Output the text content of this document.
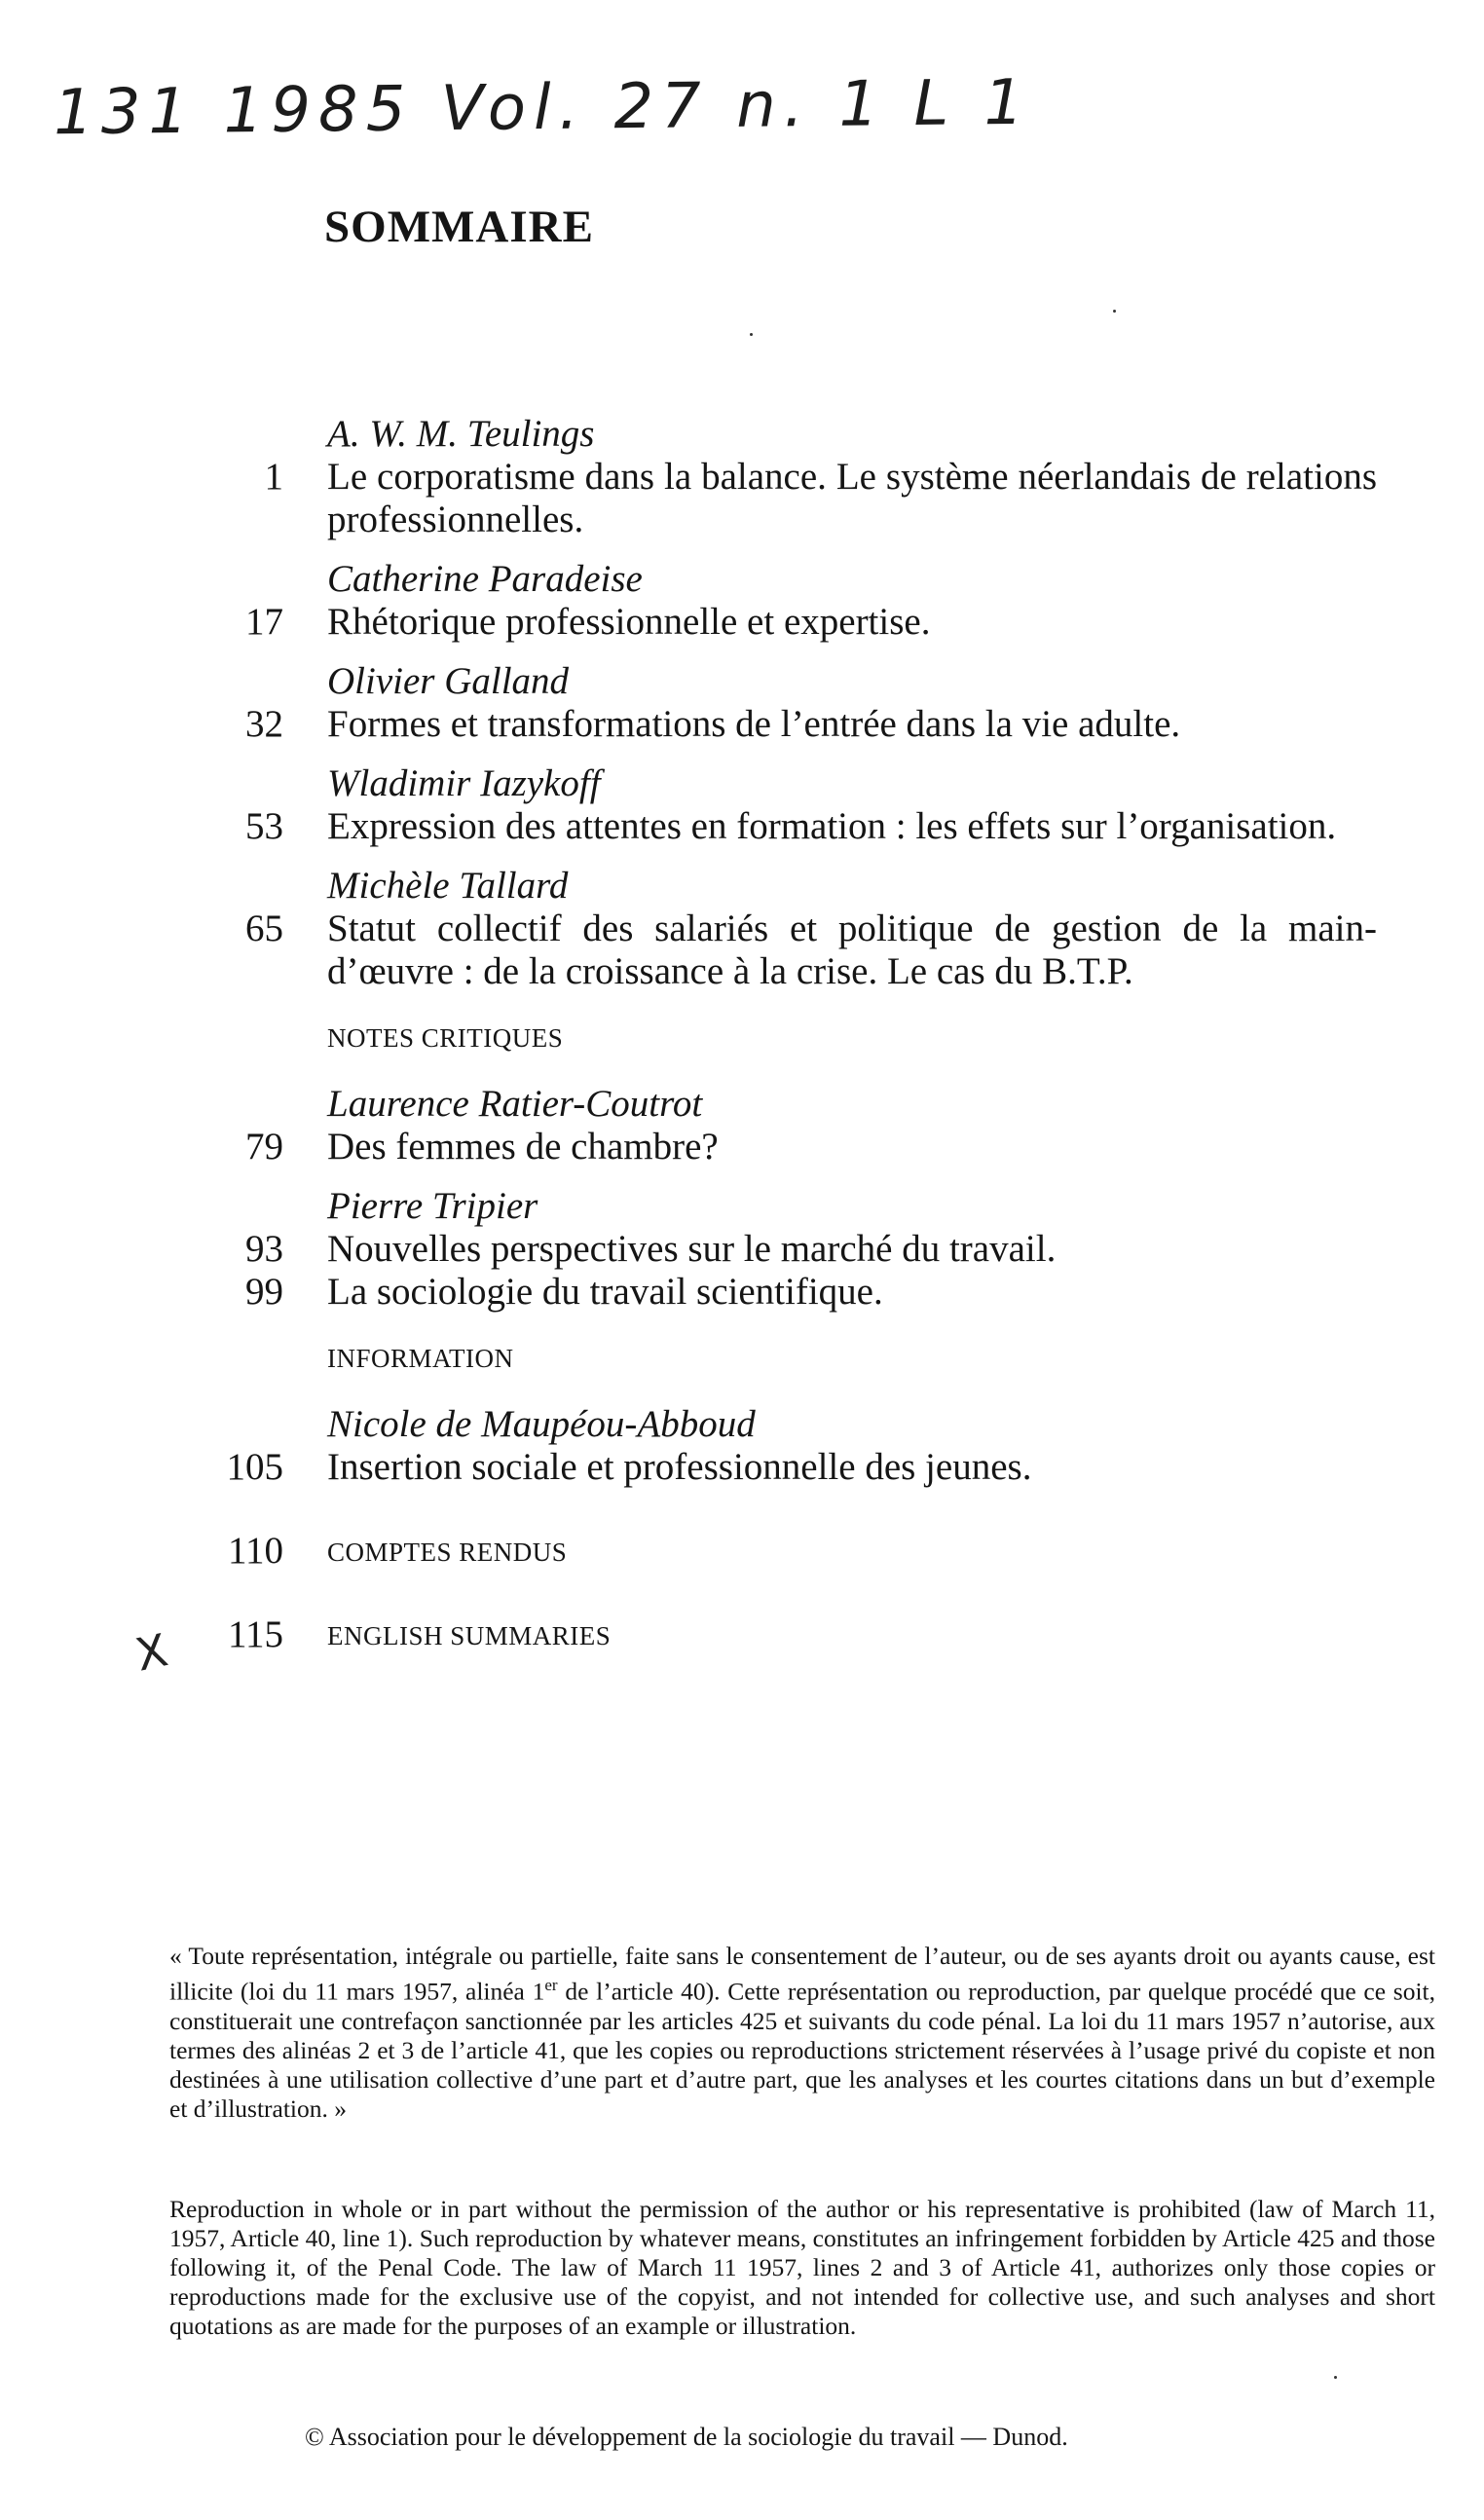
131 1985 Vol. 27 n. 1 L 1
SOMMAIRE
A. W. M. Teulings
1 Le corporatisme dans la balance. Le système néerlandais de relations professionnelles.
Catherine Paradeise
17 Rhétorique professionnelle et expertise.
Olivier Galland
32 Formes et transformations de l’entrée dans la vie adulte.
Wladimir Iazykoff
53 Expression des attentes en formation : les effets sur l’organisation.
Michèle Tallard
65 Statut collectif des salariés et politique de gestion de la main-d’œuvre : de la croissance à la crise. Le cas du B.T.P.
NOTES CRITIQUES
Laurence Ratier-Coutrot
79 Des femmes de chambre?
Pierre Tripier
93 Nouvelles perspectives sur le marché du travail.
99 La sociologie du travail scientifique.
INFORMATION
Nicole de Maupéou-Abboud
105 Insertion sociale et professionnelle des jeunes.
110 COMPTES RENDUS
115 ENGLISH SUMMARIES
X
« Toute représentation, intégrale ou partielle, faite sans le consentement de l’auteur, ou de ses ayants droit ou ayants cause, est illicite (loi du 11 mars 1957, alinéa 1er de l’article 40). Cette représentation ou reproduction, par quelque procédé que ce soit, constituerait une contrefaçon sanctionnée par les articles 425 et suivants du code pénal. La loi du 11 mars 1957 n’autorise, aux termes des alinéas 2 et 3 de l’article 41, que les copies ou reproductions strictement réservées à l’usage privé du copiste et non destinées à une utilisation collective d’une part et d’autre part, que les analyses et les courtes citations dans un but d’exemple et d’illustration. »
Reproduction in whole or in part without the permission of the author or his representative is prohibited (law of March 11, 1957, Article 40, line 1). Such reproduction by whatever means, constitutes an infringement forbidden by Article 425 and those following it, of the Penal Code. The law of March 11 1957, lines 2 and 3 of Article 41, authorizes only those copies or reproductions made for the exclusive use of the copyist, and not intended for collective use, and such analyses and short quotations as are made for the purposes of an example or illustration.
© Association pour le développement de la sociologie du travail — Dunod.
